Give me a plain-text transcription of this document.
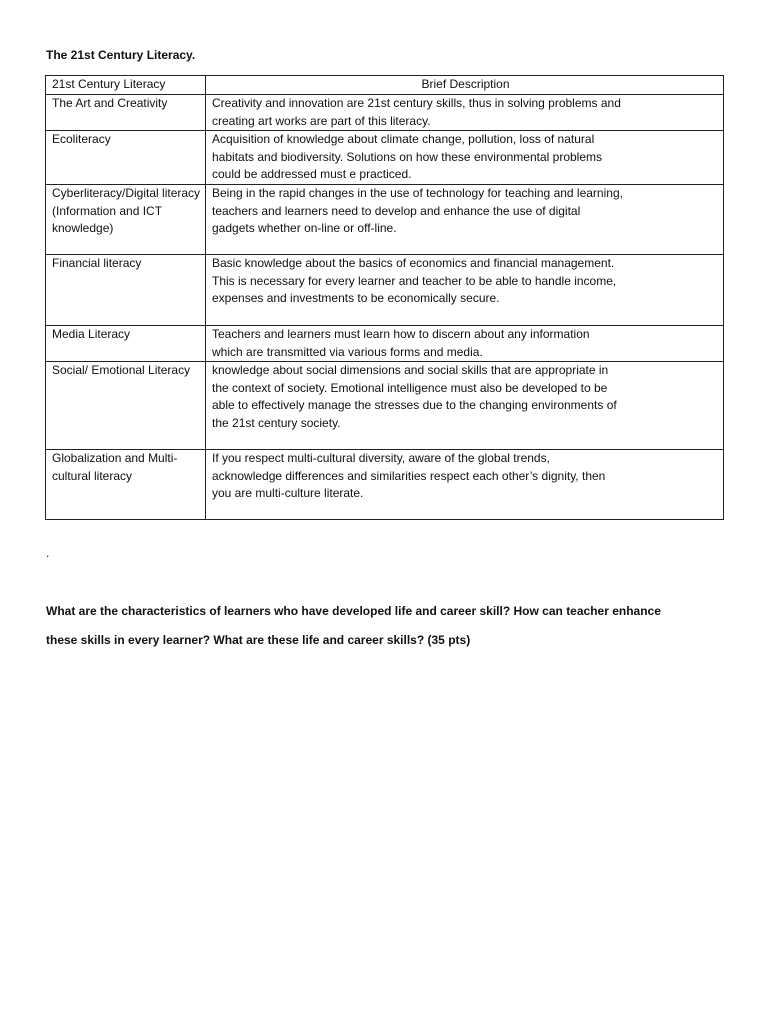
The 21st Century Literacy.
21st Century Literacy	Brief Description
The Art and Creativity	Creativity and innovation are 21st century skills, thus in solving problems and creating art works are part of this literacy.
Ecoliteracy	Acquisition of knowledge about climate change, pollution, loss of natural habitats and biodiversity. Solutions on how these environmental problems could be addressed must e practiced.
Cyberliteracy/Digital literacy (Information and ICT knowledge)	Being in the rapid changes in the use of technology for teaching and learning, teachers and learners need to develop and enhance the use of digital gadgets whether on-line or off-line.
Financial literacy	Basic knowledge about the basics of economics and financial management. This is necessary for every learner and teacher to be able to handle income, expenses and investments to be economically secure.
Media Literacy	Teachers and learners must learn how to discern about any information which are transmitted via various forms and media.
Social/ Emotional Literacy	knowledge about social dimensions and social skills that are appropriate in the context of society. Emotional intelligence must also be developed to be able to effectively manage the stresses due to the changing environments of the 21st century society.
Globalization and Multi-cultural literacy	If you respect multi-cultural diversity, aware of the global trends, acknowledge differences and similarities respect each other’s dignity, then you are multi-culture literate.
.
What are the characteristics of learners who have developed life and career skill? How can teacher enhance
these skills in every learner? What are these life and career skills? (35 pts)
